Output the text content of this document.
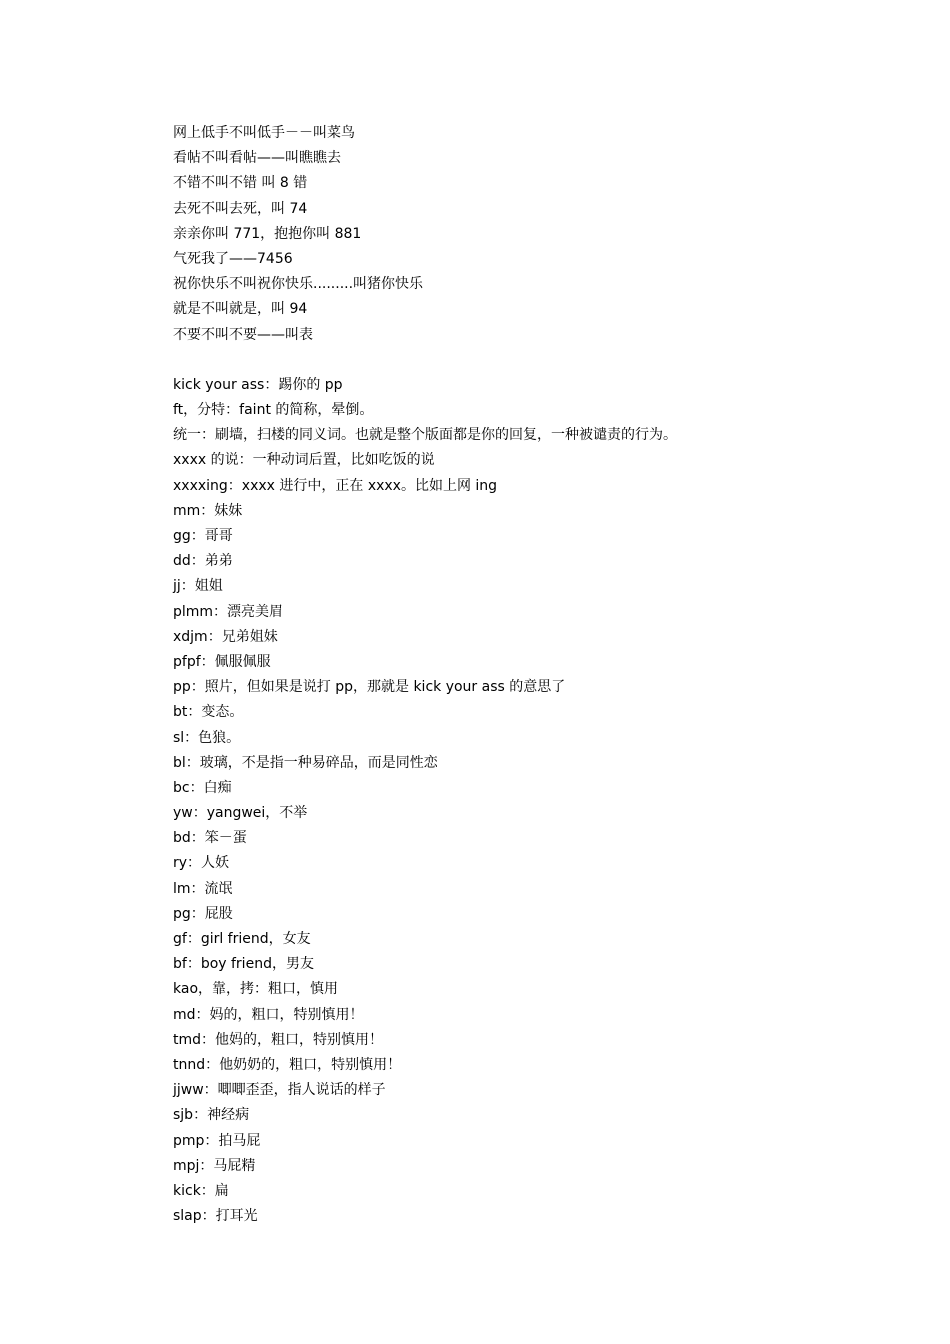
网上低手不叫低手－－叫菜鸟
看帖不叫看帖——叫瞧瞧去
不错不叫不错 叫 8 错
去死不叫去死，叫 74
亲亲你叫 771，抱抱你叫 881
气死我了——7456
祝你快乐不叫祝你快乐.........叫猪你快乐
就是不叫就是，叫 94
不要不叫不要——叫表
kick your ass：踢你的 pp
ft，分特：faint 的简称，晕倒。
统一：刷墙，扫楼的同义词。也就是整个版面都是你的回复，一种被谴责的行为。
xxxx 的说：一种动词后置，比如吃饭的说
xxxxing：xxxx 进行中，正在 xxxx。比如上网 ing
mm：妹妹
gg：哥哥
dd：弟弟
jj：姐姐
plmm：漂亮美眉
xdjm：兄弟姐妹
pfpf：佩服佩服
pp：照片，但如果是说打 pp，那就是 kick your ass 的意思了
bt：变态。
sl：色狼。
bl：玻璃，不是指一种易碎品，而是同性恋
bc：白痴
yw：yangwei，不举
bd：笨－蛋
ry：人妖
lm：流氓
pg：屁股
gf：girl friend，女友
bf：boy friend，男友
kao，靠，拷：粗口，慎用
md：妈的，粗口，特别慎用！
tmd：他妈的，粗口，特别慎用！
tnnd：他奶奶的，粗口，特别慎用！
jjww：唧唧歪歪，指人说话的样子
sjb：神经病
pmp：拍马屁
mpj：马屁精
kick：扁
slap：打耳光
